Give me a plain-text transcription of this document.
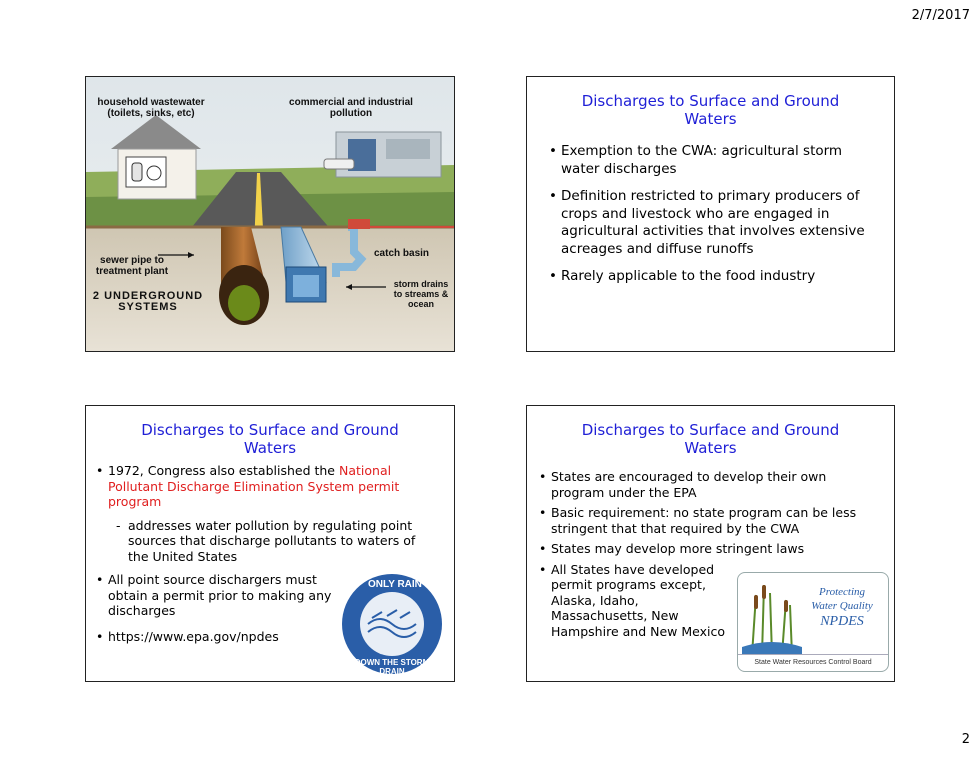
2/7/2017
household wastewater (toilets, sinks, etc)
commercial and industrial pollution
catch basin
sewer pipe to treatment plant
storm drains to streams & ocean
2 UNDERGROUND SYSTEMS
Discharges to Surface and Ground Waters
• Exemption to the CWA: agricultural storm water discharges
• Definition restricted to primary producers of crops and livestock who are engaged in agricultural activities that involves extensive acreages and diffuse runoffs
• Rarely applicable to the food industry
Discharges to Surface and Ground Waters
• 1972, Congress also established the National Pollutant Discharge Elimination System permit program
- addresses water pollution by regulating point sources that discharge pollutants to waters of the United States
• All point source dischargers must obtain a permit prior to making any discharges
• https://www.epa.gov/npdes
ONLY RAIN
DOWN THE STORM DRAIN
Discharges to Surface and Ground Waters
• States are encouraged to develop their own program under the EPA
• Basic requirement: no state program can be less stringent that that required by the CWA
• States may develop more stringent laws
• All States have developed permit programs except, Alaska, Idaho, Massachusetts, New Hampshire and New Mexico
Protecting
Water Quality
NPDES
State Water Resources Control Board
2
